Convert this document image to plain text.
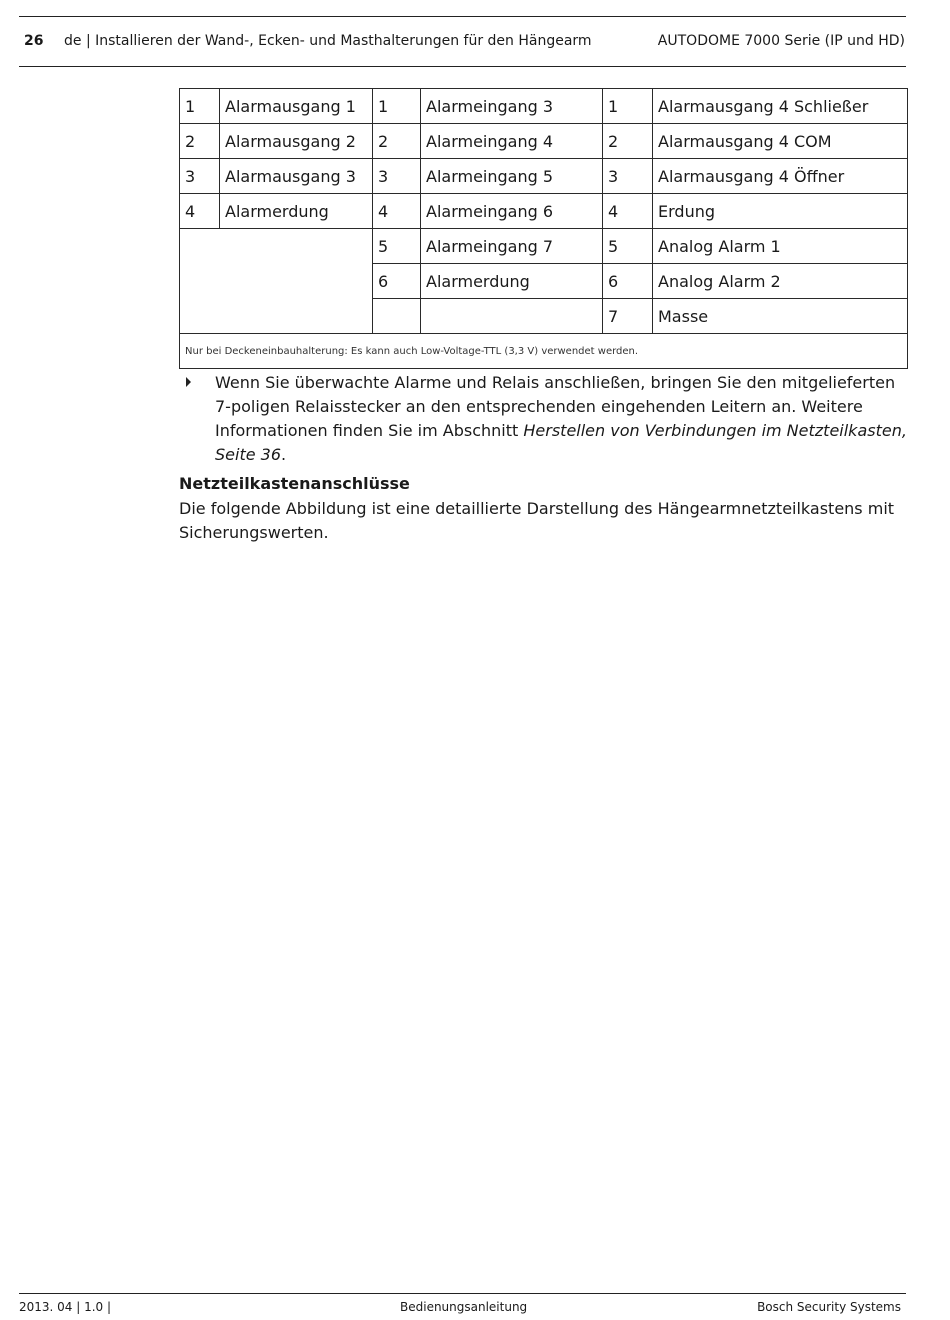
26 de | Installieren der Wand-, Ecken- und Masthalterungen für den Hängearm	AUTODOME 7000 Serie (IP und HD)
1	Alarmausgang 1	1	Alarmeingang 3	1	Alarmausgang 4 Schließer
2	Alarmausgang 2	2	Alarmeingang 4	2	Alarmausgang 4 COM
3	Alarmausgang 3	3	Alarmeingang 5	3	Alarmausgang 4 Öffner
4	Alarmerdung	4	Alarmeingang 6	4	Erdung
		5	Alarmeingang 7	5	Analog Alarm 1
		6	Alarmerdung	6	Analog Alarm 2
				7	Masse
Nur bei Deckeneinbauhalterung: Es kann auch Low-Voltage-TTL (3,3 V) verwendet werden.					
Wenn Sie überwachte Alarme und Relais anschließen, bringen Sie den mitgelieferten 7-poligen Relaisstecker an den entsprechenden eingehenden Leitern an. Weitere Informationen finden Sie im Abschnitt Herstellen von Verbindungen im Netzteilkasten, Seite 36.
Netzteilkastenanschlüsse
Die folgende Abbildung ist eine detaillierte Darstellung des Hängearmnetzteilkastens mit Sicherungswerten.
2013. 04 | 1.0 |	Bedienungsanleitung	Bosch Security Systems
